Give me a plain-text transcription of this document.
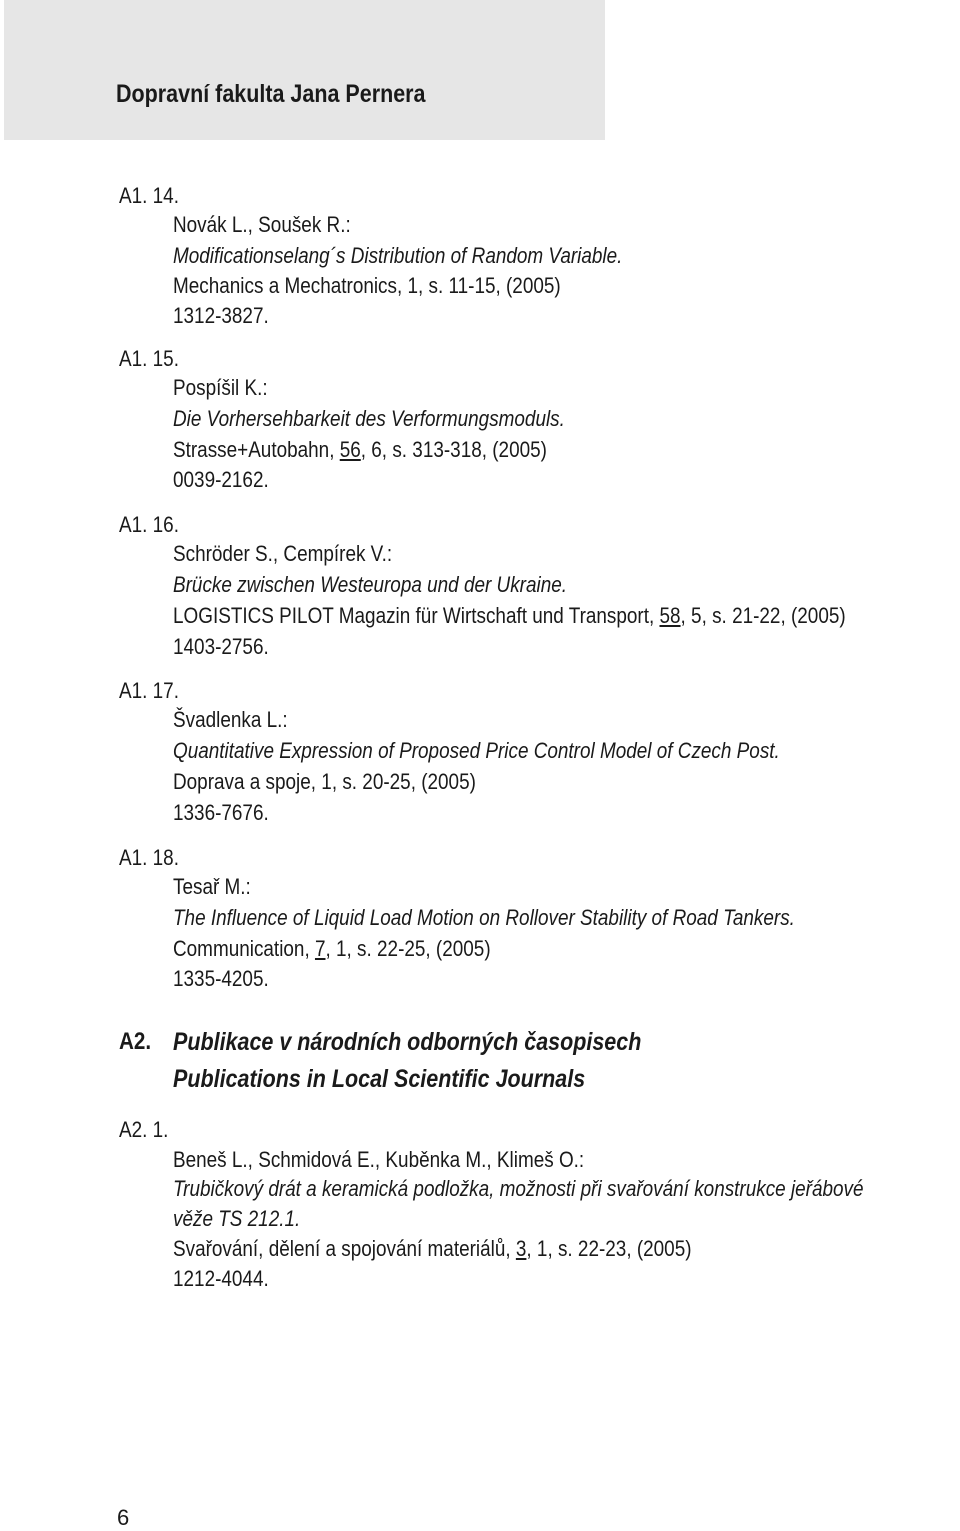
Dopravní fakulta Jana Pernera
A1. 14.
Novák L., Soušek R.:
Modificationselang´s Distribution of Random Variable.
Mechanics a Mechatronics, 1, s. 11-15, (2005)
1312-3827.
A1. 15.
Pospíšil K.:
Die Vorhersehbarkeit des Verformungsmoduls.
Strasse+Autobahn, 56, 6, s. 313-318, (2005)
0039-2162.
A1. 16.
Schröder S., Cempírek V.:
Brücke zwischen Westeuropa und der Ukraine.
LOGISTICS PILOT Magazin für Wirtschaft und Transport, 58, 5, s. 21-22, (2005)
1403-2756.
A1. 17.
Švadlenka L.:
Quantitative Expression of Proposed Price Control Model of Czech Post.
Doprava a spoje, 1, s. 20-25, (2005)
1336-7676.
A1. 18.
Tesař M.:
The Influence of Liquid Load Motion on Rollover Stability of Road Tankers.
Communication, 7, 1, s. 22-25, (2005)
1335-4205.
A2. Publikace v národních odborných časopisech
Publications in Local Scientific Journals
A2. 1.
Beneš L., Schmidová E., Kuběnka M., Klimeš O.:
Trubičkový drát a keramická podložka, možnosti při svařování konstrukce jeřábové
věže TS 212.1.
Svařování, dělení a spojování materiálů, 3, 1, s. 22-23, (2005)
1212-4044.
6
